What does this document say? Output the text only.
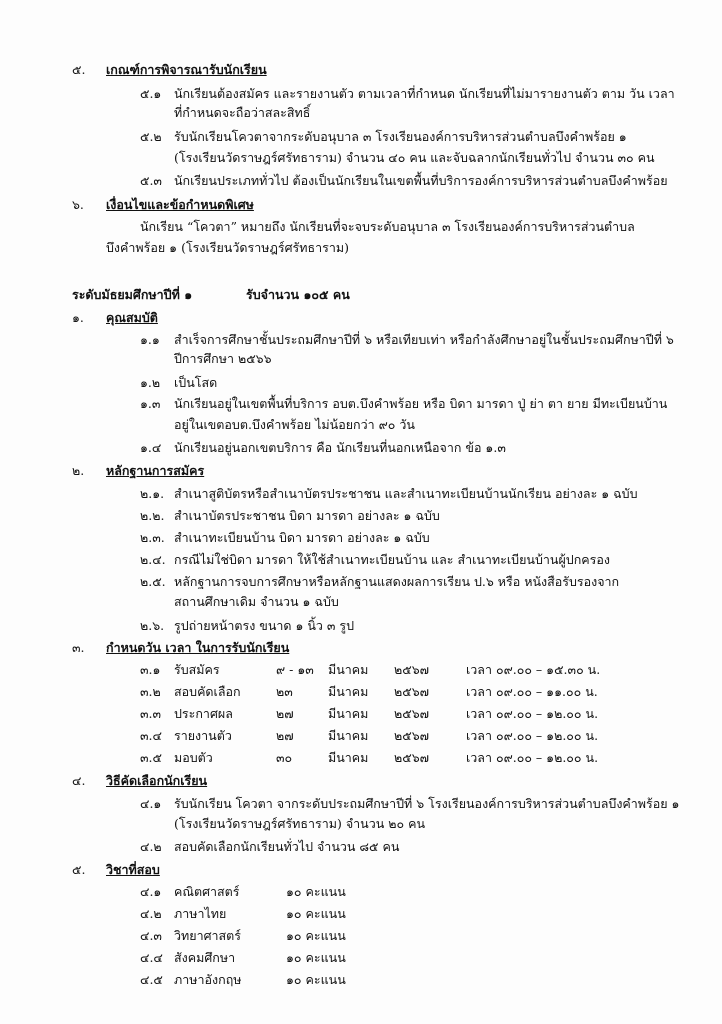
๕. เกณฑ์การพิจารณารับนักเรียน
๕.๑ นักเรียนต้องสมัคร และรายงานตัว ตามเวลาที่กำหนด นักเรียนที่ไม่มารายงานตัว ตาม วัน เวลา
ที่กำหนดจะถือว่าสละสิทธิ์
๕.๒ รับนักเรียนโควตาจากระดับอนุบาล ๓ โรงเรียนองค์การบริหารส่วนตำบลบึงคำพร้อย ๑
(โรงเรียนวัดราษฎร์ศรัทธาราม) จำนวน ๔๐ คน และจับฉลากนักเรียนทั่วไป จำนวน ๓๐ คน
๕.๓ นักเรียนประเภททั่วไป ต้องเป็นนักเรียนในเขตพื้นที่บริการองค์การบริหารส่วนตำบลบึงคำพร้อย
๖. เงื่อนไขและข้อกำหนดพิเศษ
นักเรียน “โควตา” หมายถึง นักเรียนที่จะจบระดับอนุบาล ๓ โรงเรียนองค์การบริหารส่วนตำบล
บึงคำพร้อย ๑ (โรงเรียนวัดราษฎร์ศรัทธาราม)
ระดับมัธยมศึกษาปีที่ ๑	รับจำนวน ๑๐๕ คน
๑. คุณสมบัติ
๑.๑ สำเร็จการศึกษาชั้นประถมศึกษาปีที่ ๖ หรือเทียบเท่า หรือกำลังศึกษาอยู่ในชั้นประถมศึกษาปีที่ ๖
ปีการศึกษา ๒๕๖๖
๑.๒ เป็นโสด
๑.๓ นักเรียนอยู่ในเขตพื้นที่บริการ อบต.บึงคำพร้อย หรือ บิดา มารดา ปู่ ย่า ตา ยาย มีทะเบียนบ้าน
อยู่ในเขตอบต.บึงคำพร้อย ไม่น้อยกว่า ๙๐ วัน
๑.๔ นักเรียนอยู่นอกเขตบริการ คือ นักเรียนที่นอกเหนือจาก ข้อ ๑.๓
๒. หลักฐานการสมัคร
๒.๑. สำเนาสูติบัตรหรือสำเนาบัตรประชาชน และสำเนาทะเบียนบ้านนักเรียน อย่างละ ๑ ฉบับ
๒.๒. สำเนาบัตรประชาชน บิดา มารดา อย่างละ ๑ ฉบับ
๒.๓. สำเนาทะเบียนบ้าน บิดา มารดา อย่างละ ๑ ฉบับ
๒.๔. กรณีไม่ใช่บิดา มารดา ให้ใช้สำเนาทะเบียนบ้าน และ สำเนาทะเบียนบ้านผู้ปกครอง
๒.๕. หลักฐานการจบการศึกษาหรือหลักฐานแสดงผลการเรียน ป.๖ หรือ หนังสือรับรองจาก
สถานศึกษาเดิม จำนวน ๑ ฉบับ
๒.๖. รูปถ่ายหน้าตรง ขนาด ๑ นิ้ว ๓ รูป
๓. กำหนดวัน เวลา ในการรับนักเรียน
๓.๑ รับสมัคร	๙ - ๑๓ มีนาคม ๒๕๖๗	เวลา ๐๙.๐๐ – ๑๕.๓๐ น.
๓.๒ สอบคัดเลือก	๒๓	มีนาคม ๒๕๖๗	เวลา ๐๙.๐๐ – ๑๑.๐๐ น.
๓.๓ ประกาศผล	๒๗	มีนาคม ๒๕๖๗	เวลา ๐๙.๐๐ – ๑๒.๐๐ น.
๓.๔ รายงานตัว	๒๗	มีนาคม ๒๕๖๗	เวลา ๐๙.๐๐ – ๑๒.๐๐ น.
๓.๕ มอบตัว	๓๐	มีนาคม ๒๕๖๗	เวลา ๐๙.๐๐ – ๑๒.๐๐ น.
๔. วิธีคัดเลือกนักเรียน
๔.๑ รับนักเรียน โควตา จากระดับประถมศึกษาปีที่ ๖ โรงเรียนองค์การบริหารส่วนตำบลบึงคำพร้อย ๑
(โรงเรียนวัดราษฎร์ศรัทธาราม) จำนวน ๒๐ คน
๔.๒ สอบคัดเลือกนักเรียนทั่วไป จำนวน ๘๕ คน
๕. วิชาที่สอบ
๔.๑ คณิตศาสตร์	๑๐ คะแนน
๔.๒ ภาษาไทย	๑๐ คะแนน
๔.๓ วิทยาศาสตร์	๑๐ คะแนน
๔.๔ สังคมศึกษา	๑๐ คะแนน
๔.๕ ภาษาอังกฤษ	๑๐ คะแนน
